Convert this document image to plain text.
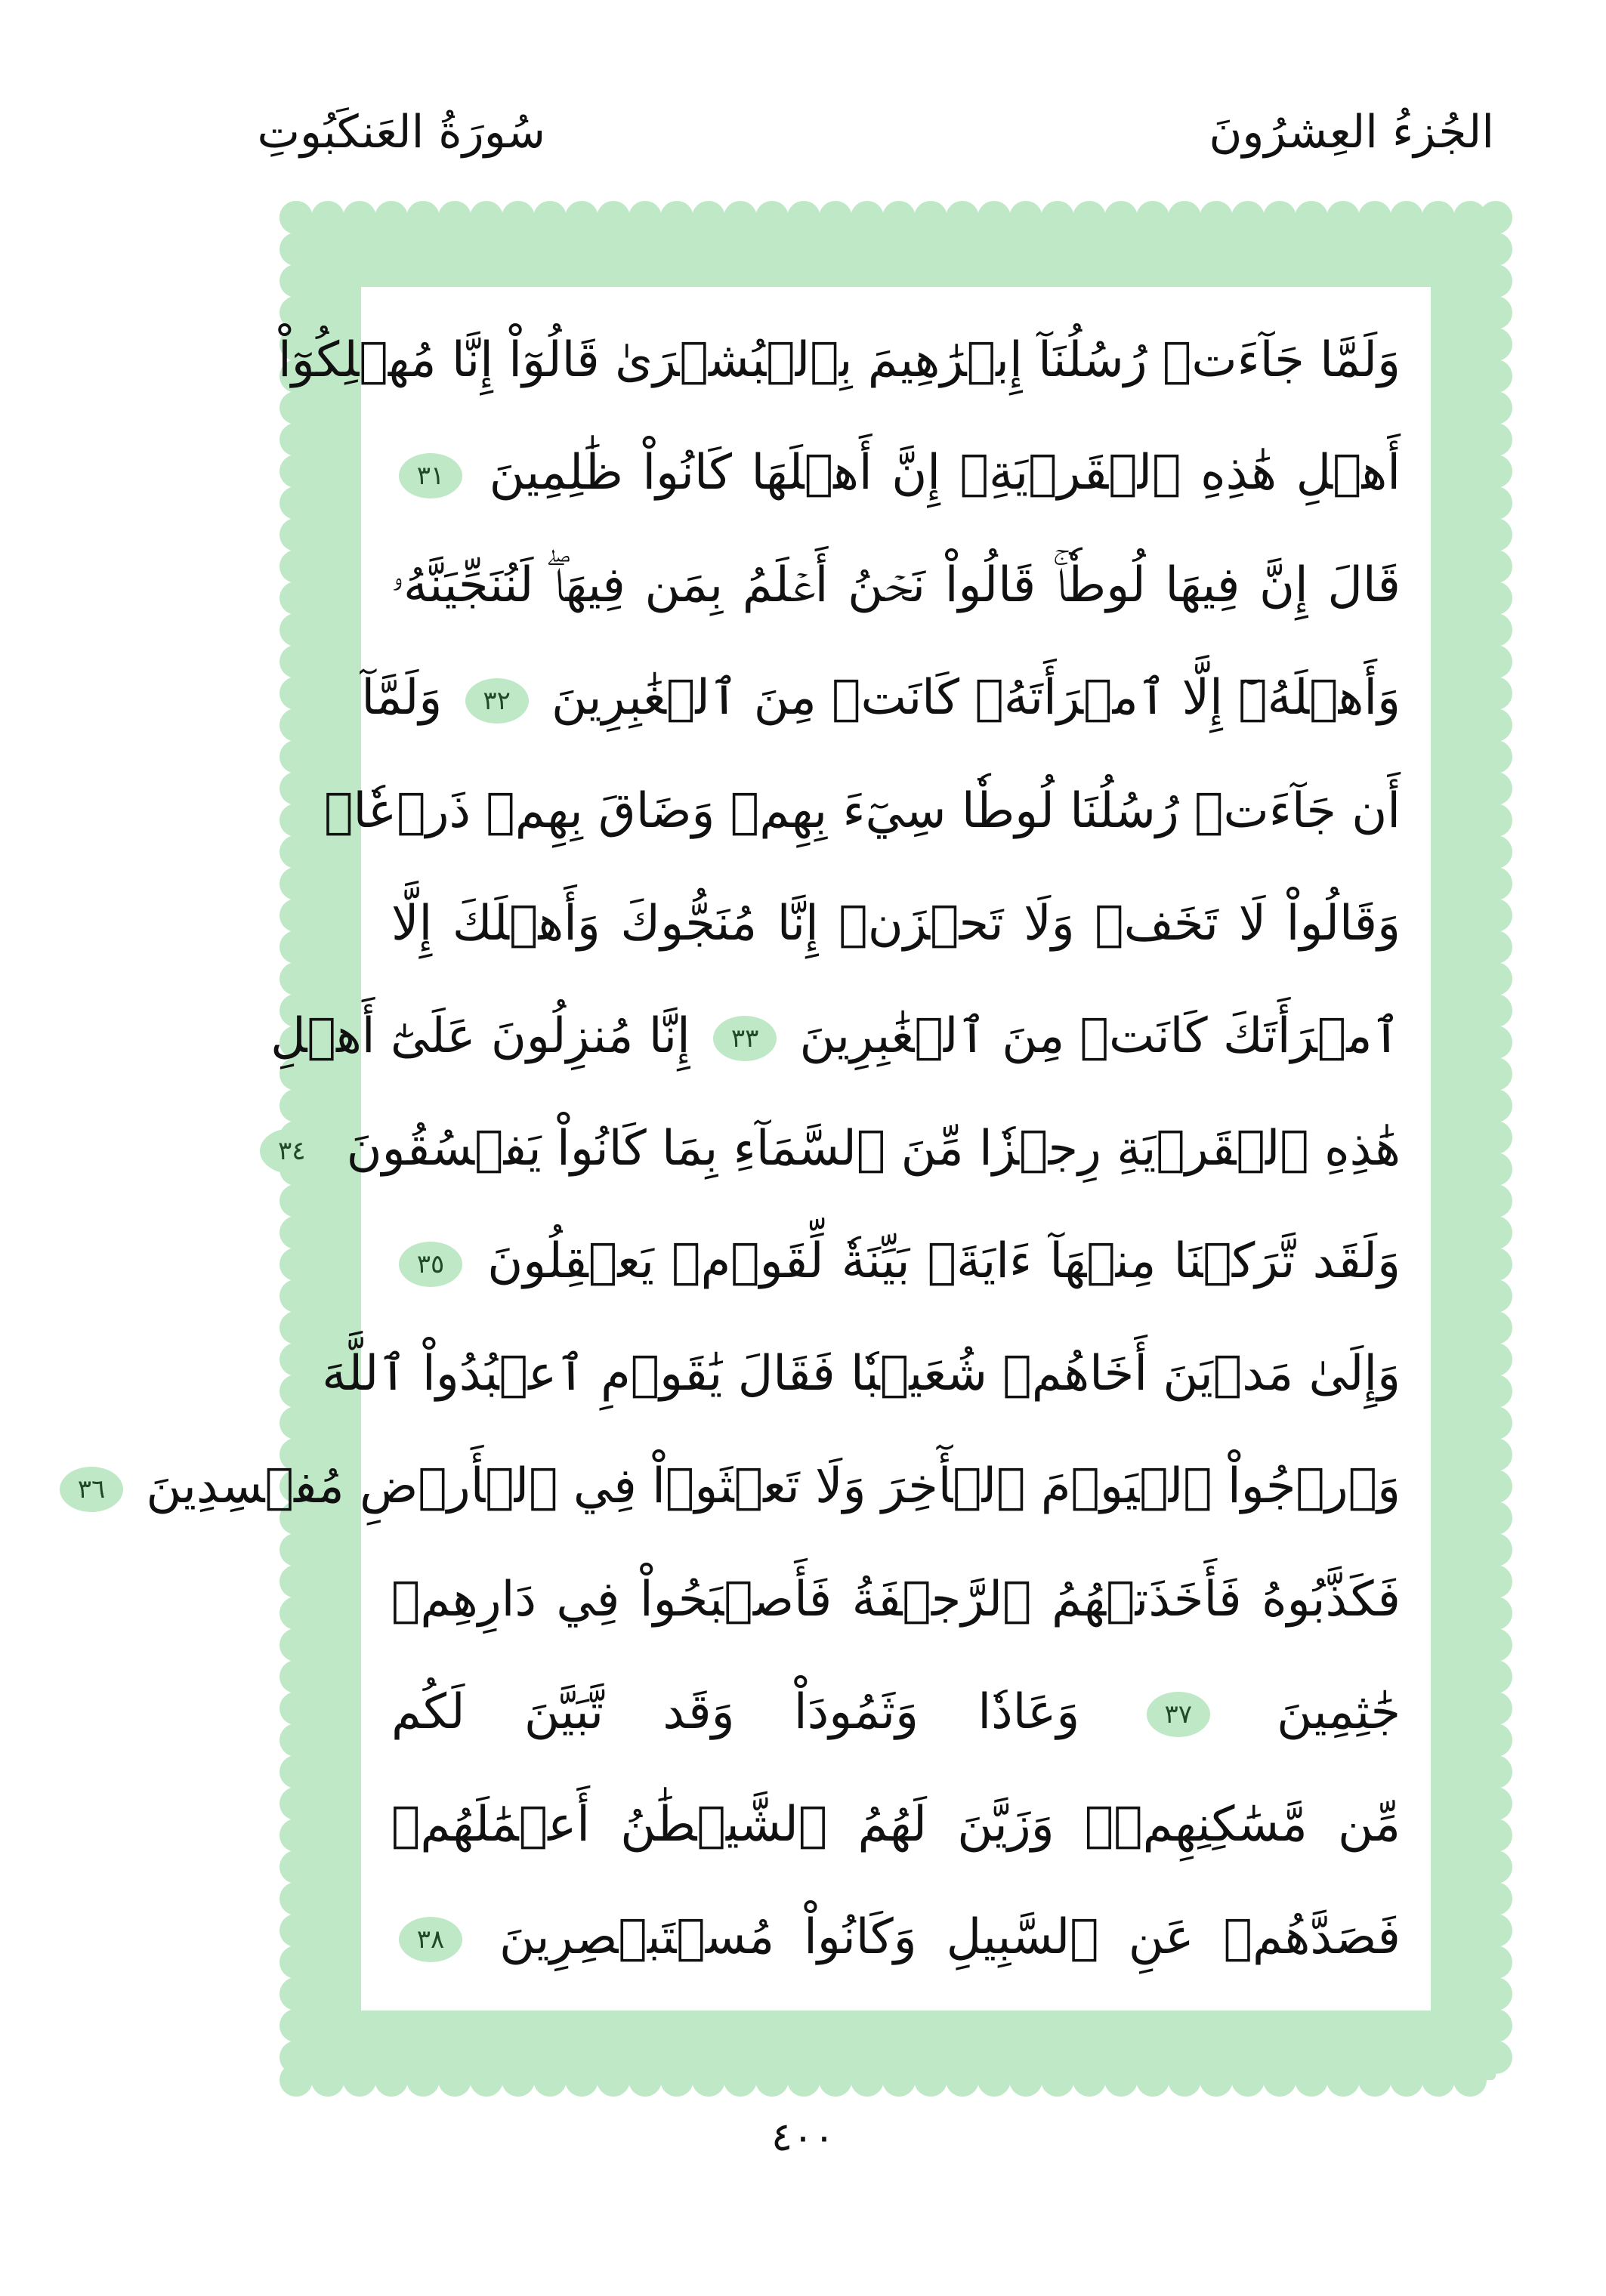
الجُزءُ العِشرُونَ
سُورَةُ العَنكَبُوتِ
وَلَمَّا جَآءَتۡ رُسُلُنَآ إِبۡرَٰهِيمَ بِٱلۡبُشۡرَىٰ قَالُوٓاْ إِنَّا مُهۡلِكُوٓاْ
أَهۡلِ هَٰذِهِ ٱلۡقَرۡيَةِۖ إِنَّ أَهۡلَهَا كَانُواْ ظَٰلِمِينَ ٣١
قَالَ إِنَّ فِيهَا لُوطٗاۚ قَالُواْ نَحۡنُ أَعۡلَمُ بِمَن فِيهَاۖ لَنُنَجِّيَنَّهُۥ
وَأَهۡلَهُۥٓ إِلَّا ٱمۡرَأَتَهُۥ كَانَتۡ مِنَ ٱلۡغَٰبِرِينَ ٣٢ وَلَمَّآ
أَن جَآءَتۡ رُسُلُنَا لُوطٗا سِيٓءَ بِهِمۡ وَضَاقَ بِهِمۡ ذَرۡعٗاۖ
وَقَالُواْ لَا تَخَفۡ وَلَا تَحۡزَنۡ إِنَّا مُنَجُّوكَ وَأَهۡلَكَ إِلَّا
ٱمۡرَأَتَكَ كَانَتۡ مِنَ ٱلۡغَٰبِرِينَ ٣٣ إِنَّا مُنزِلُونَ عَلَىٰٓ أَهۡلِ
هَٰذِهِ ٱلۡقَرۡيَةِ رِجۡزٗا مِّنَ ٱلسَّمَآءِ بِمَا كَانُواْ يَفۡسُقُونَ ٣٤
وَلَقَد تَّرَكۡنَا مِنۡهَآ ءَايَةَۢ بَيِّنَةٗ لِّقَوۡمٖ يَعۡقِلُونَ ٣٥
وَإِلَىٰ مَدۡيَنَ أَخَاهُمۡ شُعَيۡبٗا فَقَالَ يَٰقَوۡمِ ٱعۡبُدُواْ ٱللَّهَ
وَٱرۡجُواْ ٱلۡيَوۡمَ ٱلۡأٓخِرَ وَلَا تَعۡثَوۡاْ فِي ٱلۡأَرۡضِ مُفۡسِدِينَ ٣٦
فَكَذَّبُوهُ فَأَخَذَتۡهُمُ ٱلرَّجۡفَةُ فَأَصۡبَحُواْ فِي دَارِهِمۡ
جَٰثِمِينَ ٣٧ وَعَادٗا وَثَمُودَاْ وَقَد تَّبَيَّنَ لَكُم
مِّن مَّسَٰكِنِهِمۡۖ وَزَيَّنَ لَهُمُ ٱلشَّيۡطَٰنُ أَعۡمَٰلَهُمۡ
فَصَدَّهُمۡ عَنِ ٱلسَّبِيلِ وَكَانُواْ مُسۡتَبۡصِرِينَ ٣٨
٤٠٠
